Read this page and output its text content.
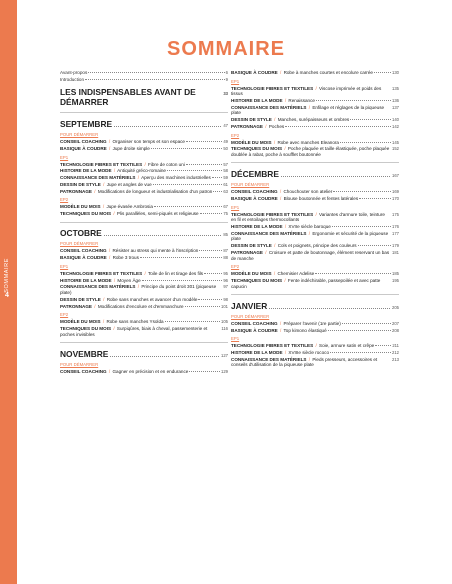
SOMMAIRE
4
SOMMAIRE
Avant-propos	6
Introduction	9
LES INDISPENSABLES AVANT DE DÉMARRER
33
SEPTEMBRE	47
POUR DÉMARRER
CONSEIL COACHING / Organiser son temps et son espace	49
BASIQUE À COUDRE / Jupe droite simple	50
EP1
TECHNOLOGIE FIBRES ET TEXTILES / Fibre de coton uni	57
HISTOIRE DE LA MODE / Antiquité gréco-romaine	58
CONNAISSANCE DES MATÉRIELS / Aperçu des machines industrielles	59
DESSIN DE STYLE / Jupe et angles de vue	61
PATRONNAGE / Modifications de longueur et industrialisation d'un patron	63
EP2
MODÈLE DU MOIS / Jupe évasée Ambrosia	67
TECHNIQUES DU MOIS / Plis parallèles, semi-piqués et religieuse	75
OCTOBRE	85
POUR DÉMARRER
CONSEIL COACHING / Résister au stress qui mente à l'inscription	87
BASIQUE À COUDRE / Robe 3 trous	88
EP1
TECHNOLOGIE FIBRES ET TEXTILES / Toile de lin et tirage des fils	95
HISTOIRE DE LA MODE / Moyen Âge	96
CONNAISSANCE DES MATÉRIELS / Principe du point droit 301 (piqueuse plate)
97
DESSIN DE STYLE / Robe sans manches et avancer d'un modèle	98
PATRONNAGE / Modifications d'encolure et d'emmanchure	101
EP2
MODÈLE DU MOIS / Robe sans manches Ysolda	105
TECHNIQUES DU MOIS / Surpiqûres, biais à cheval, passementerie et poches invisibles
116
NOVEMBRE	127
POUR DÉMARRER
CONSEIL COACHING / Gagner en précision et en endurance	129
BASIQUE À COUDRE / Robe à manches courtes et encolure carrée	130
EP1
TECHNOLOGIE FIBRES ET TEXTILES / Viscose imprimée et poids des tissus
135
HISTOIRE DE LA MODE / Renaissance	136
CONNAISSANCE DES MATÉRIELS / Enfilage et réglages de la piqueuse plate
137
DESSIN DE STYLE / Manches, surépaisseurs et ombres	140
PATRONNAGE / Poches	142
EP2
MODÈLE DU MOIS / Robe avec manches Eleanora	145
TECHNIQUES DU MOIS / Poche plaquée et taille élastiquée, poche plaquée doublée à rabat, poche à soufflet boutonnée
152
DÉCEMBRE	167
POUR DÉMARRER
CONSEIL COACHING / Chouchouter son atelier	169
BASIQUE À COUDRE / Blouse boutonnée et fentes latérales	170
EP1
TECHNOLOGIE FIBRES ET TEXTILES / Variantes d'armure toile, teinture en fil et entoilages thermocollants
175
HISTOIRE DE LA MODE / XVIIe siècle baroque	176
CONNAISSANCE DES MATÉRIELS / Ergonomie et sécurité de la piqueuse plate
177
DESSIN DE STYLE / Cols et poignets, principe des couleurs	179
PATRONNAGE / Croisure et patte de boutonnage, élément reservant un bas de manche
181
EP2
MODÈLE DU MOIS / Chemisier Adelise	185
TECHNIQUES DU MOIS / Fente indéchirable, passepoilée et avec patte capucin
195
JANVIER	205
POUR DÉMARRER
CONSEIL COACHING / Préparer l'avenir (1re partie)	207
BASIQUE À COUDRE / Top kimono élastiqué	208
EP1
TECHNOLOGIE FIBRES ET TEXTILES / Soie, armure satin et crêpe	211
HISTOIRE DE LA MODE / XVIIIe siècle rococo	212
CONNAISSANCE DES MATÉRIELS / Pieds presseurs, accessoires et conseils d'utilisation de la piqueuse plate
213
